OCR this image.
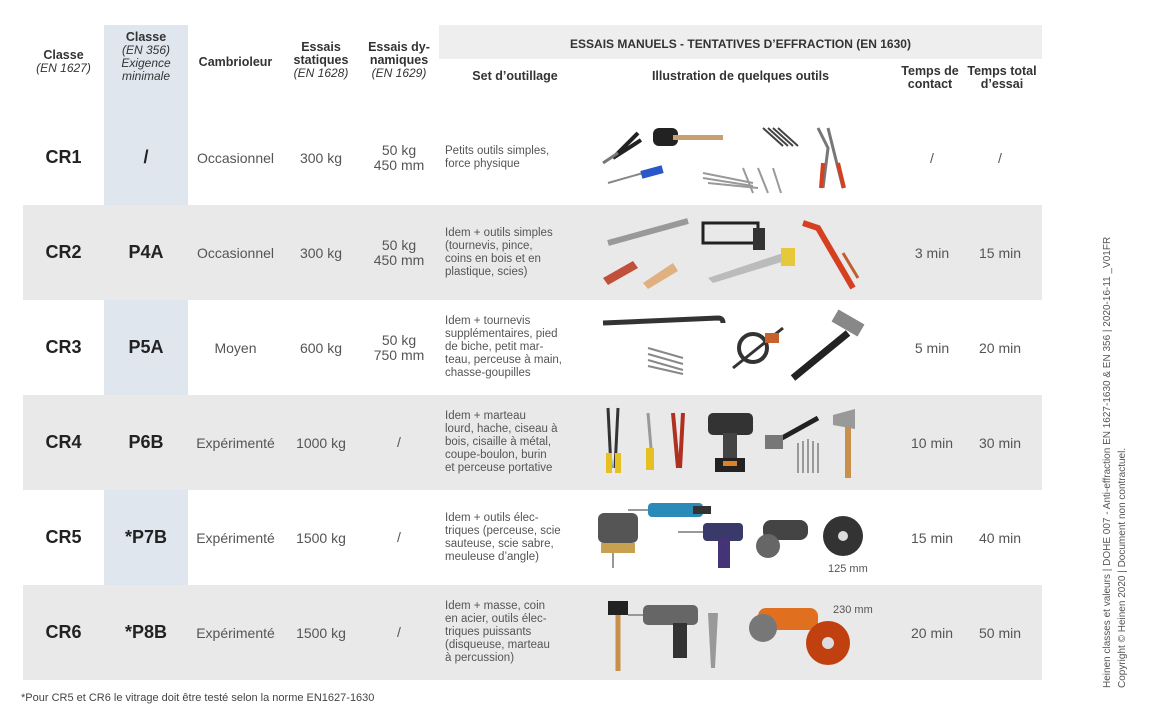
Classe
(EN 1627)
Classe
(EN 356)
Exigence
minimale
Cambrioleur
Essais
statiques
(EN 1628)
Essais dy-
namiques
(EN 1629)
ESSAIS MANUELS - TENTATIVES D’EFFRACTION (EN 1630)
Set d’outillage	Illustration de quelques outils	Temps de
contact
Temps total
d’essai
CR1	/	Occasionnel	300 kg	50 kg
450 mm
Petits outils simples,
force physique	/	/
CR2	P4A	Occasionnel	300 kg	50 kg
450 mm
Idem + outils simples
(tournevis, pince,
coins en bois et en
plastique, scies)
3 min	15 min
CR3	P5A	Moyen	600 kg	50 kg
750 mm
Idem + tournevis
supplémentaires, pied
de biche, petit mar-
teau, perceuse à main,
chasse-goupilles
5 min	20 min
CR4	P6B	Expérimenté	1000 kg	/
Idem + marteau
lourd, hache, ciseau à
bois, cisaille à métal,
coupe-boulon, burin
et perceuse portative
10 min	30 min
CR5	*P7B	Expérimenté	1500 kg	/
Idem + outils élec-
triques (perceuse, scie
sauteuse, scie sabre,
meuleuse d’angle)
125 mm
15 min	40 min
CR6	*P8B	Expérimenté	1500 kg	/
Idem + masse, coin
en acier, outils élec-
triques puissants
(disqueuse, marteau
à percussion)
230 mm
20 min	50 min
*Pour CR5 et CR6 le vitrage doit être testé selon la norme EN1627-1630
Heinen classes et valeurs | DOHE 007 - Anti-effraction EN 1627-1630 & EN 356 | 2020-16-11 _V01FR Copyright © Heinen 2020 | Document non contractuel.
